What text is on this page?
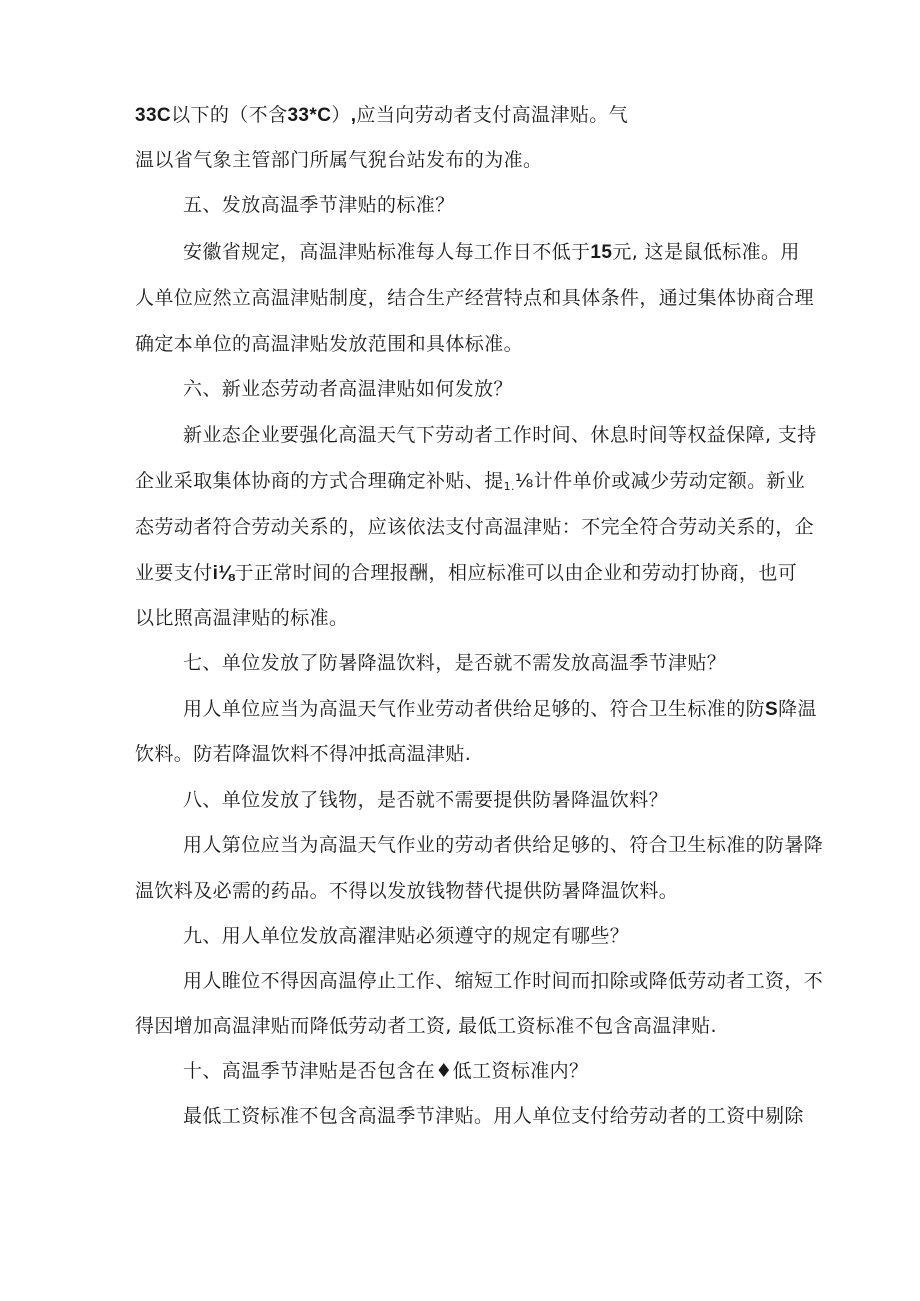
33C以下的（不含33*C）,应当向劳动者支付高温津贴。气
温以省气象主管部门所属气猊台站发布的为准。
五、发放高温季节津贴的标准？
安徽省规定，高温津贴标准每人每工作日不低于15元, 这是鼠低标准。用
人单位应然立高温津贴制度，结合生产经营特点和具体条件，通过集体协商合理
确定本单位的高温津贴发放范围和具体标准。
六、新业态劳动者高温津贴如何发放？
新业态企业要强化高温天气下劳动者工作时间、休息时间等权益保障, 支持
企业采取集体协商的方式合理确定补贴、提$_{1.}$⅛计件单价或减少劳动定额。新业
态劳动者符合劳动关系的，应该依法支付高温津贴：不完全符合劳动关系的，企
业要支付i⅛于正常时间的合理报酬，相应标准可以由企业和劳动打协商，也可
以比照高温津贴的标准。
七、单位发放了防暑降温饮料，是否就不需发放高温季节津贴？
用人单位应当为高温天气作业劳动者供给足够的、符合卫生标准的防S降温
饮料。防若降温饮料不得冲抵高温津贴.
八、单位发放了钱物，是否就不需要提供防暑降温饮料？
用人第位应当为高温天气作业的劳动者供给足够的、符合卫生标准的防暑降
温饮料及必需的药品。不得以发放钱物替代提供防暑降温饮料。
九、用人单位发放高濯津贴必须遵守的规定有哪些？
用人睢位不得因高温停止工作、缩短工作时间而扣除或降低劳动者工资，不
得因增加高温津贴而降低劳动者工资, 最低工资标准不包含高温津贴.
十、高温季节津贴是否包含在♦低工资标准内？
最低工资标准不包含高温季节津贴。用人单位支付给劳动者的工资中剔除
